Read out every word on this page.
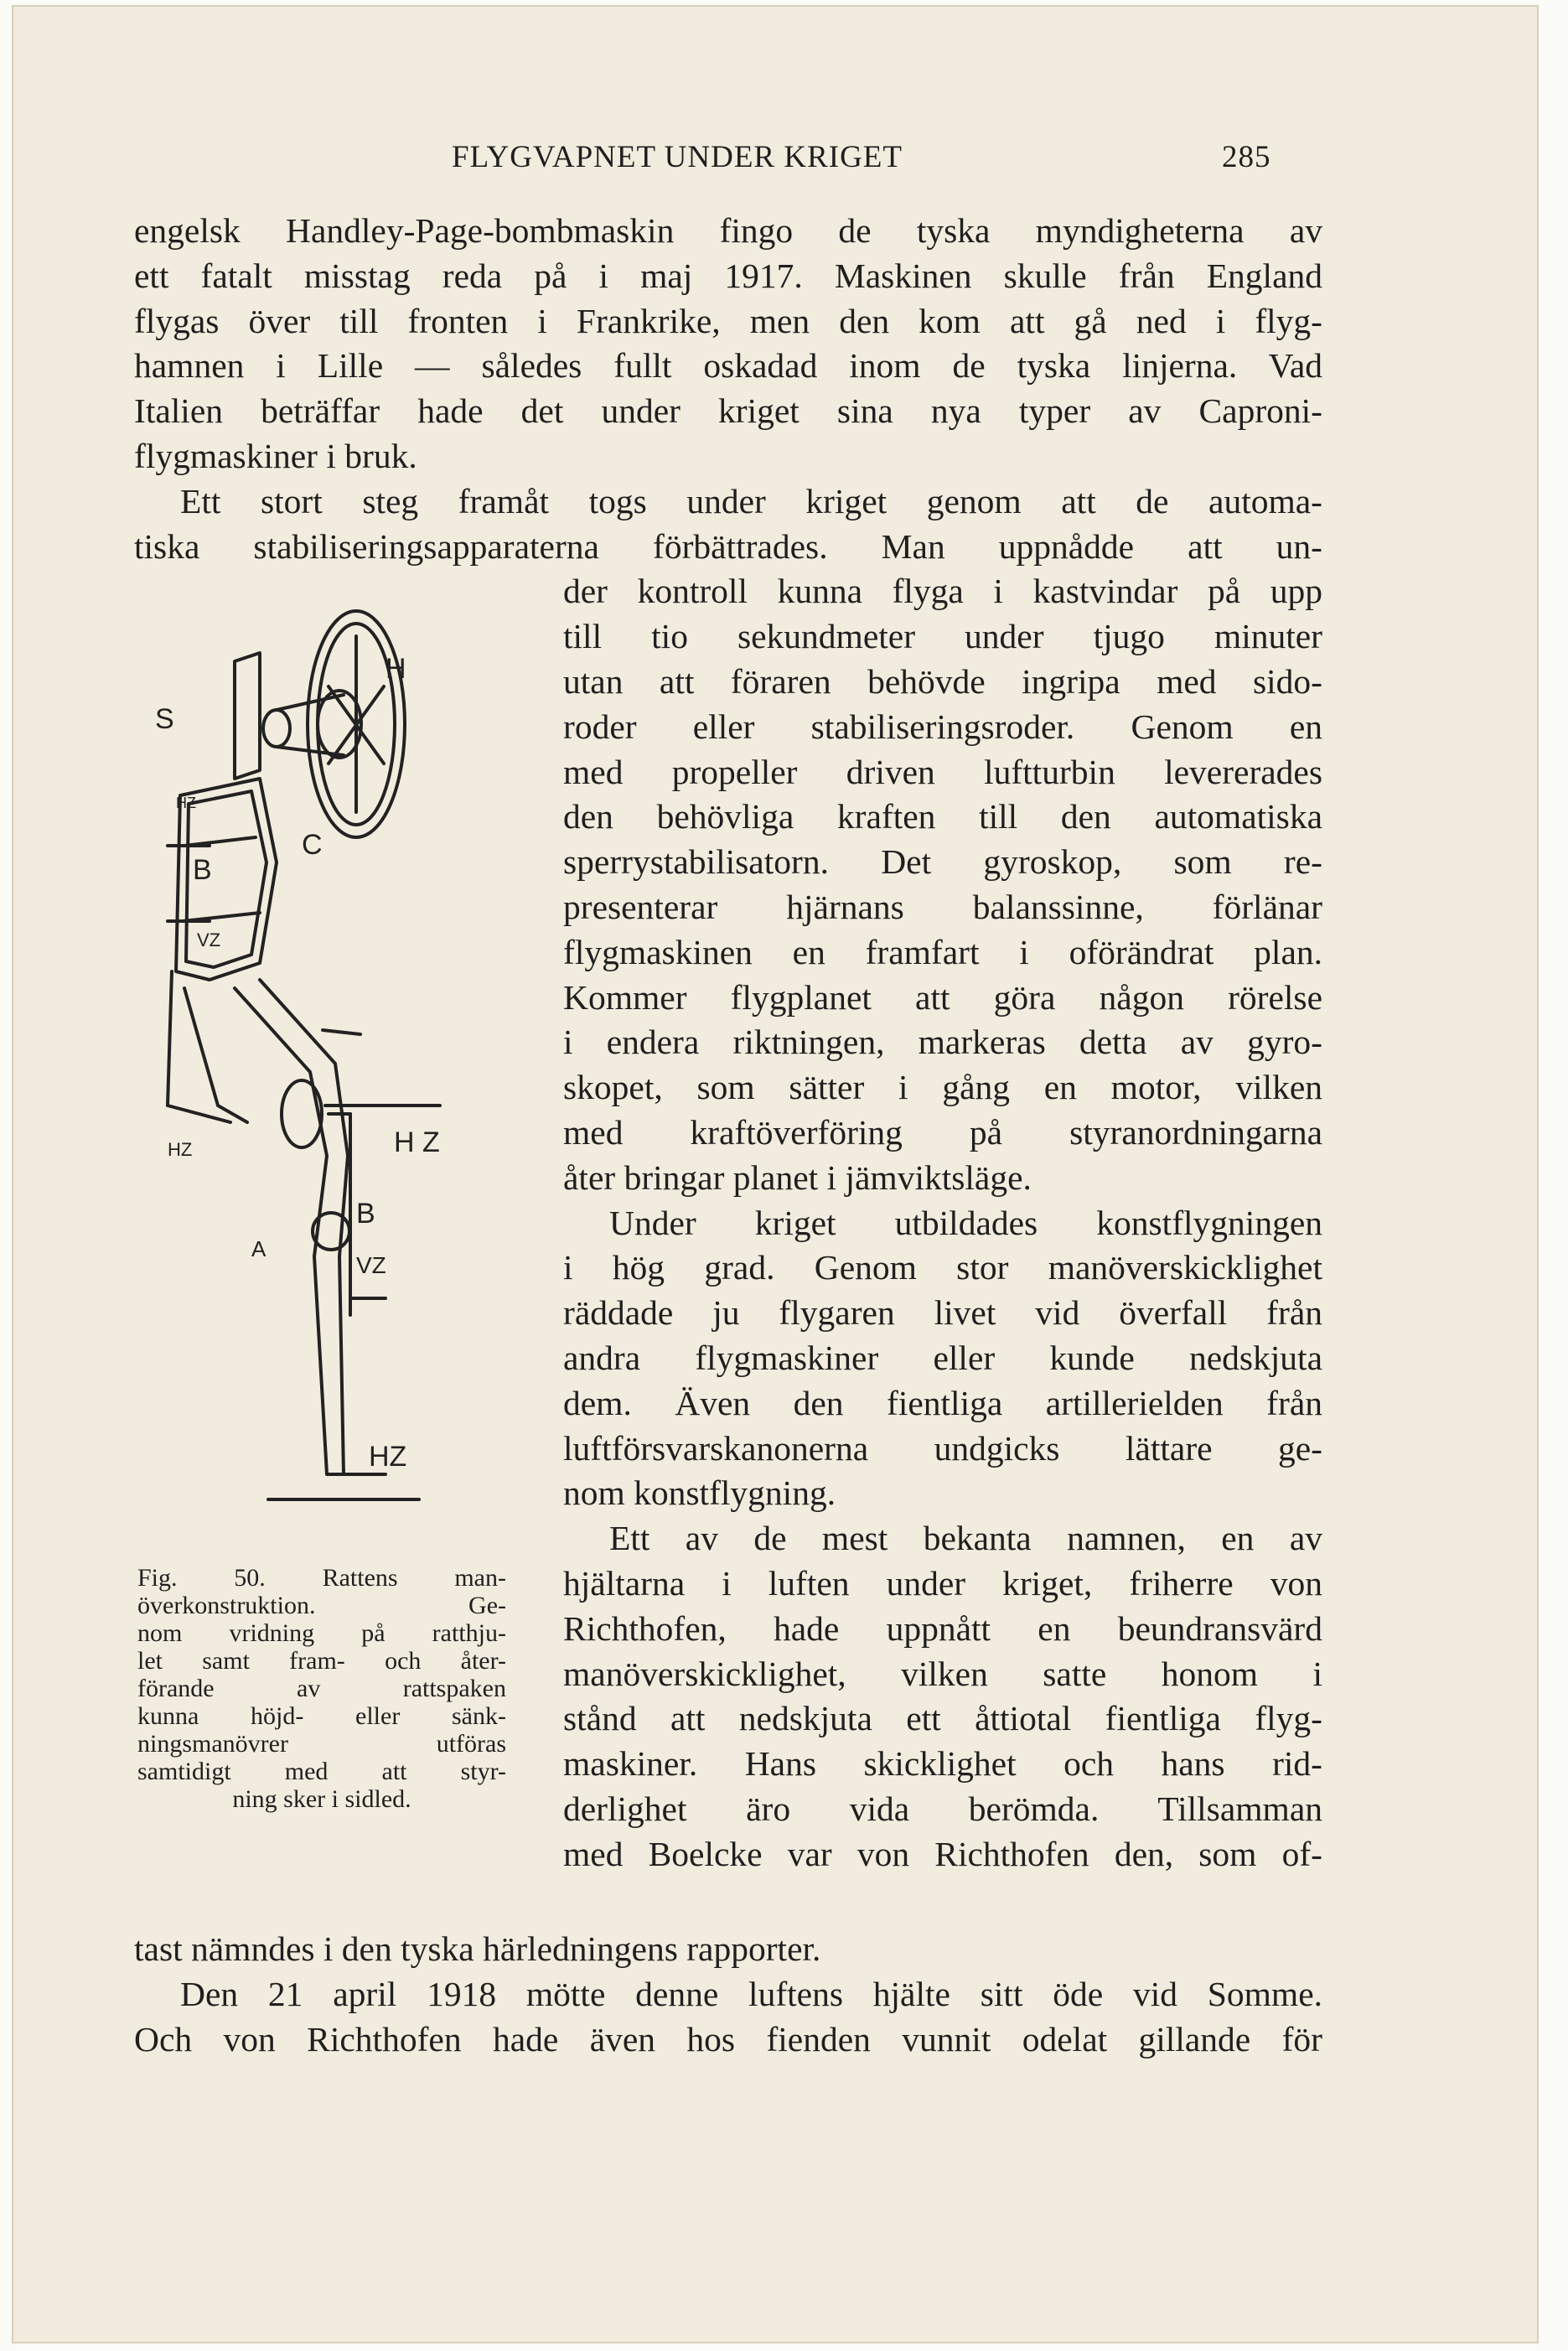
FLYGVAPNET UNDER KRIGET	285

engelsk Handley-Page-bombmaskin fingo de tyska myndigheterna av
ett fatalt misstag reda på i maj 1917. Maskinen skulle från England
flygas över till fronten i Frankrike, men den kom att gå ned i flyg-
hamnen i Lille — således fullt oskadad inom de tyska linjerna. Vad
Italien beträffar hade det under kriget sina nya typer av Caproni-
flygmaskiner i bruk.

Ett stort steg framåt togs under kriget genom att de automa-
tiska stabiliseringsapparaterna förbättrades. Man uppnådde att un-

H
S
HZ
B
VZ
C
H Z
HZ
B
A
VZ
HZ
Fig. 50. Rattens man-
överkonstruktion. Ge-
nom vridning på ratthju-
let samt fram- och åter-
förande av rattspaken
kunna höjd- eller sänk-
ningsmanövrer utföras
samtidigt med att styr-
ning sker i sidled.

der kontroll kunna flyga i kastvindar på upp
till tio sekundmeter under tjugo minuter
utan att föraren behövde ingripa med sido-
roder eller stabiliseringsroder. Genom en
med propeller driven luftturbin levererades
den behövliga kraften till den automatiska
sperrystabilisatorn. Det gyroskop, som re-
presenterar hjärnans balanssinne, förlänar
flygmaskinen en framfart i oförändrat plan.
Kommer flygplanet att göra någon rörelse
i endera riktningen, markeras detta av gyro-
skopet, som sätter i gång en motor, vilken
med kraftöverföring på styranordningarna
åter bringar planet i jämviktsläge.

Under kriget utbildades konstflygningen
i hög grad. Genom stor manöverskicklighet
räddade ju flygaren livet vid överfall från
andra flygmaskiner eller kunde nedskjuta
dem. Även den fientliga artillerielden från
luftförsvarskanonerna undgicks lättare ge-
nom konstflygning.

Ett av de mest bekanta namnen, en av
hjältarna i luften under kriget, friherre von
Richthofen, hade uppnått en beundransvärd
manöverskicklighet, vilken satte honom i
stånd att nedskjuta ett åttiotal fientliga flyg-
maskiner. Hans skicklighet och hans rid-
derlighet äro vida berömda. Tillsamman
med Boelcke var von Richthofen den, som of-
tast nämndes i den tyska härledningens rapporter.

Den 21 april 1918 mötte denne luftens hjälte sitt öde vid Somme.
Och von Richthofen hade även hos fienden vunnit odelat gillande för
